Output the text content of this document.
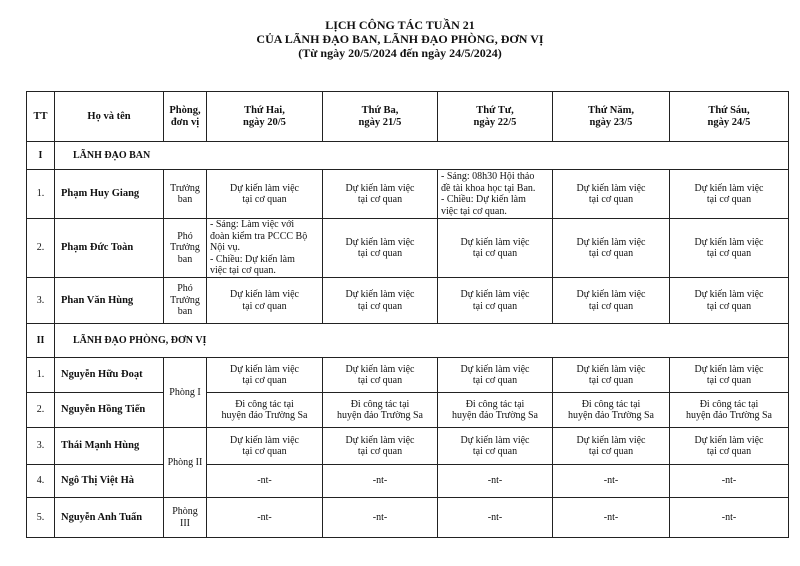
LỊCH CÔNG TÁC TUẦN 21
CỦA LÃNH ĐẠO BAN, LÃNH ĐẠO PHÒNG, ĐƠN VỊ
(Từ ngày 20/5/2024 đến ngày 24/5/2024)
TT	Họ và tên	Phòng,
đơn vị	Thứ Hai,
ngày 20/5	Thứ Ba,
ngày 21/5	Thứ Tư,
ngày 22/5	Thứ Năm,
ngày 23/5	Thứ Sáu,
ngày 24/5

I	LÃNH ĐẠO BAN						
1.	Phạm Huy Giang	Trưởng
ban	Dự kiến làm việc
tại cơ quan	Dự kiến làm việc
tại cơ quan	- Sáng: 08h30 Hội thảo
đề tài khoa học tại Ban.
- Chiều: Dự kiến làm
việc tại cơ quan.	Dự kiến làm việc
tại cơ quan	Dự kiến làm việc
tại cơ quan

2.	Phạm Đức Toàn	Phó
Trưởng
ban	- Sáng: Làm việc với
đoàn kiểm tra PCCC Bộ
Nội vụ.
- Chiều: Dự kiến làm
việc tại cơ quan.	Dự kiến làm việc
tại cơ quan	Dự kiến làm việc
tại cơ quan	Dự kiến làm việc
tại cơ quan	Dự kiến làm việc
tại cơ quan

3.	Phan Văn Hùng	Phó
Trưởng
ban	Dự kiến làm việc
tại cơ quan	Dự kiến làm việc
tại cơ quan	Dự kiến làm việc
tại cơ quan	Dự kiến làm việc
tại cơ quan	Dự kiến làm việc
tại cơ quan

II	LÃNH ĐẠO PHÒNG, ĐƠN VỊ						
1.	Nguyễn Hữu Đoạt	Phòng I	Dự kiến làm việc
tại cơ quan	Dự kiến làm việc
tại cơ quan	Dự kiến làm việc
tại cơ quan	Dự kiến làm việc
tại cơ quan	Dự kiến làm việc
tại cơ quan

2.	Nguyễn Hồng Tiến		Đi công tác tại
huyện đảo Trường Sa	Đi công tác tại
huyện đảo Trường Sa	Đi công tác tại
huyện đảo Trường Sa	Đi công tác tại
huyện đảo Trường Sa	Đi công tác tại
huyện đảo Trường Sa

3.	Thái Mạnh Hùng	Phòng II	Dự kiến làm việc
tại cơ quan	Dự kiến làm việc
tại cơ quan	Dự kiến làm việc
tại cơ quan	Dự kiến làm việc
tại cơ quan	Dự kiến làm việc
tại cơ quan

4.	Ngô Thị Việt Hà		-nt-	-nt-	-nt-	-nt-	-nt-

5.	Nguyễn Anh Tuấn	Phòng
III	-nt-	-nt-	-nt-	-nt-	-nt-
